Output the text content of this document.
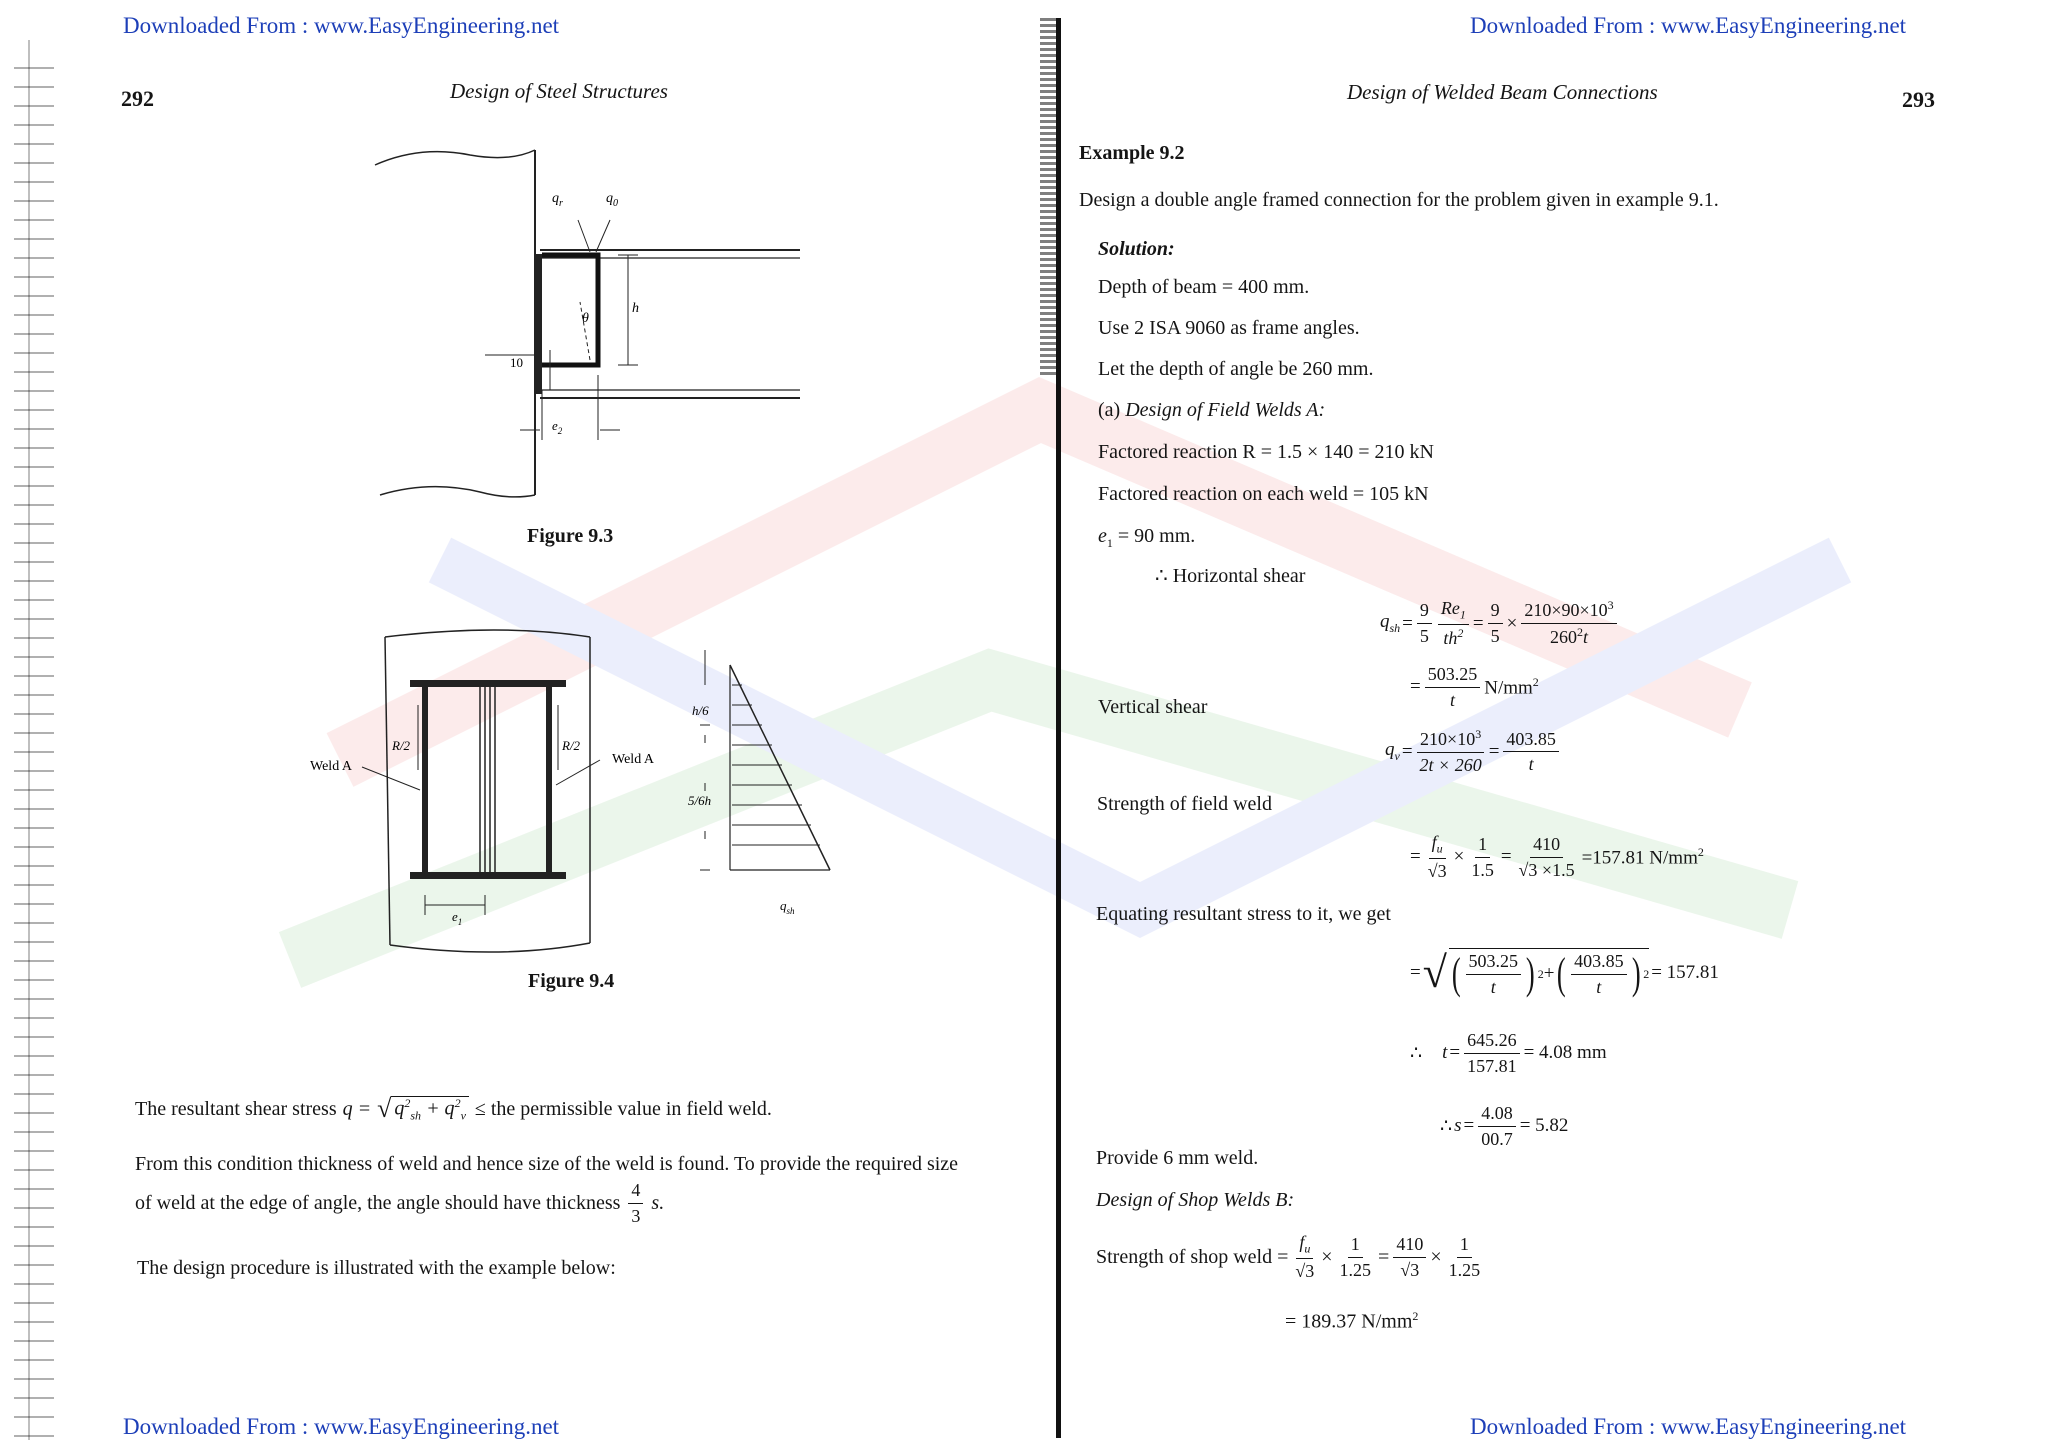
Downloaded From : www.EasyEngineering.net	Downloaded From : www.EasyEngineering.net
292	Design of Steel Structures	Design of Welded Beam Connections	293
$q_r$	$q_0$
θ
h
10
$e_2$
Figure 9.3
Weld A	Weld A
R/2	R/2
h/6
5/6h
$e_1$
$q_{sh}$
Figure 9.4
The resultant shear stress q = √ $q^2_{sh} + q^2_v$ ≤ the permissible value in field weld.
From this condition thickness of weld and hence size of the weld is found. To provide the required size
of weld at the edge of angle, the angle should have thickness $\frac{4}{3} s$.
The design procedure is illustrated with the example below:
Example 9.2
Design a double angle framed connection for the problem given in example 9.1.
Solution:
Depth of beam = 400 mm.
Use 2 ISA 9060 as frame angles.
Let the depth of angle be 260 mm.
(a) Design of Field Welds A:
Factored reaction R = 1.5 × 140 = 210 kN
Factored reaction on each weld = 105 kN
$e_1 = 90$ mm.
∴ Horizontal shear
$q_{sh} = \frac{9}{5} \frac{Re_1}{th^2} = \frac{9}{5} \times \frac{210\times 90\times 10^3}{260^2t}$
= $\frac{503.25}{t} N/mm^2$
Vertical shear
$q_v = \frac{210\times 10^3}{2t \times 260} = \frac{403.85}{t}$
Strength of field weld
= $\frac{f_u}{√3} \times \frac{1}{1.5} = \frac{410}{√3 \times 1.5} =157.81$ $N/mm^2$
Equating resultant stress to it, we get
= √ ( $\frac{503.25}{t}$ ) 2 + ( $\frac{403.85}{t}$ ) 2 = 157.81
∴ $t = \frac{645.26}{157.81} = 4.08$ mm
∴ $s = \frac{4.08}{00.7} = 5.82$
Provide 6 mm weld.
Design of Shop Welds B:
Strength of shop weld = $\frac{f_u}{√3} \times \frac{1}{1.25} = \frac{410}{√3} \times \frac{1}{1.25}$
= 189.37 $N/mm^2$
Downloaded From : www.EasyEngineering.net	Downloaded From : www.EasyEngineering.net
